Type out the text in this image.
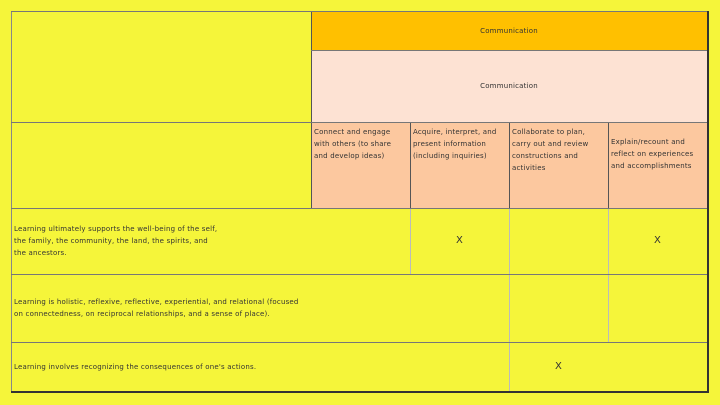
Communication
Communication
Connect and engage with others (to share and develop ideas)
Acquire, interpret, and present information (including inquiries)
Collaborate to plan, carry out and review constructions and activities
Explain/recount and reflect on experiences and accomplishments
Learning ultimately supports the well-being of the self, the family, the community, the land, the spirits, and the ancestors.
X	X
Learning is holistic, reflexive, reflective, experiential, and relational (focused on connectedness, on reciprocal relationships, and a sense of place).
Learning involves recognizing the consequences of one's actions.	X
